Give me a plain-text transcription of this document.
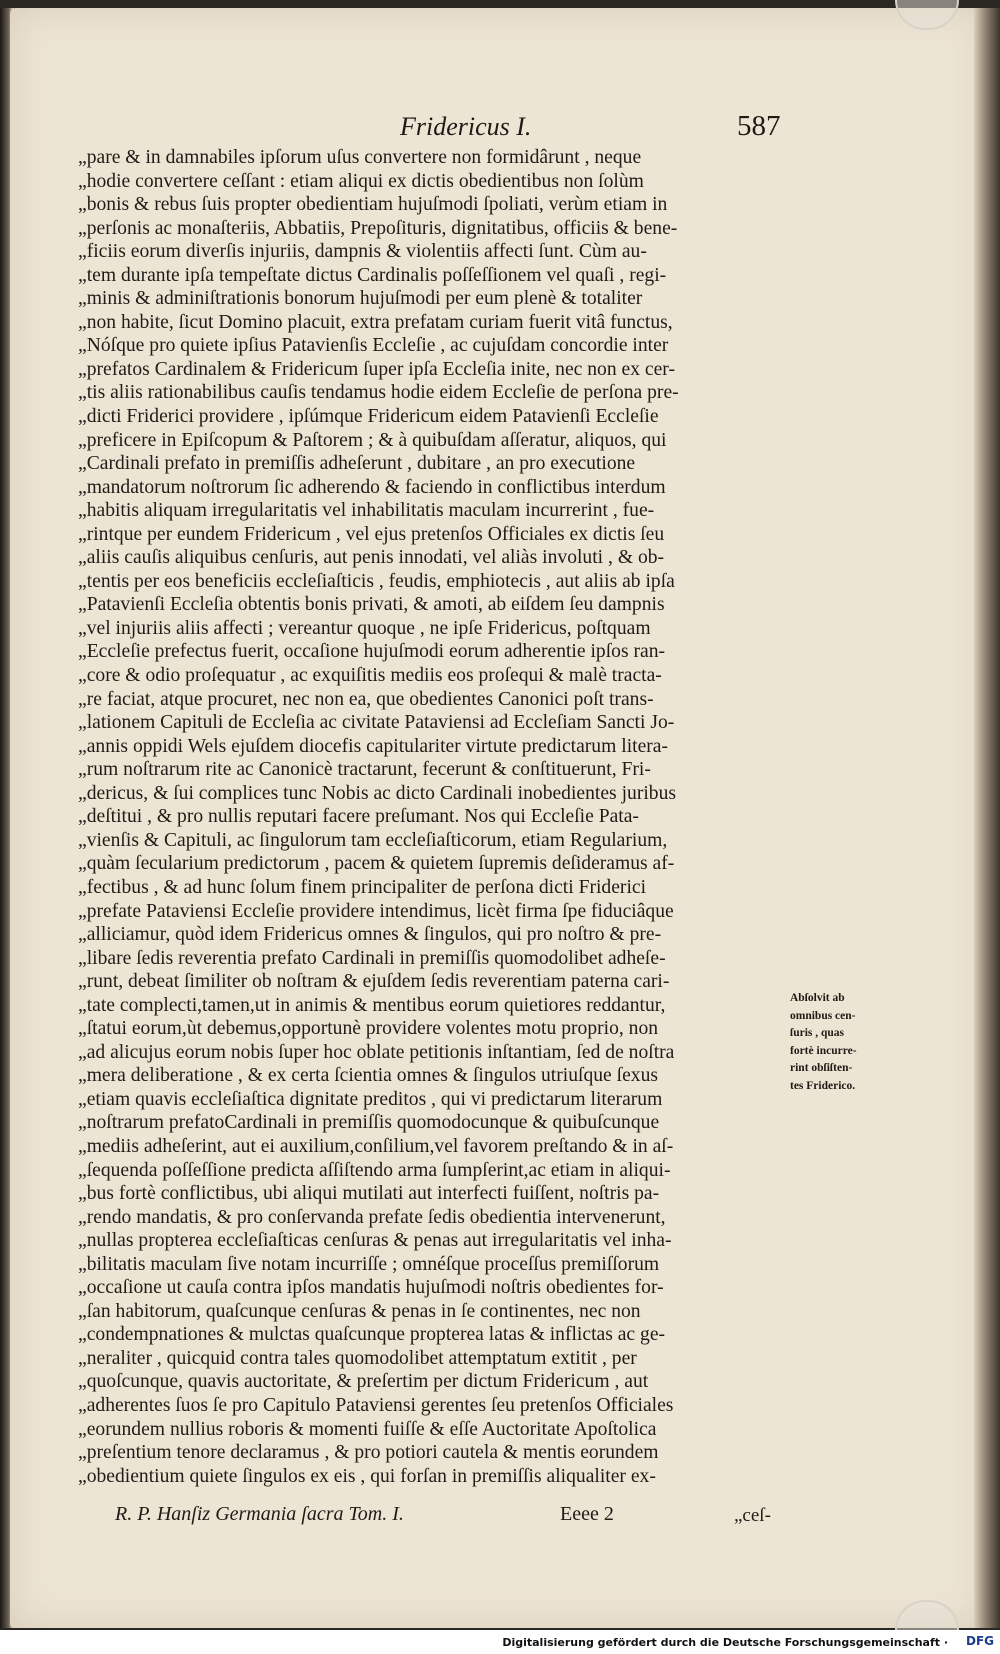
Fridericus I.	587
„pare & in damnabiles ipſorum uſus convertere non formidârunt , neque
„hodie convertere ceſſant : etiam aliqui ex dictis obedientibus non ſolùm
„bonis & rebus ſuis propter obedientiam hujuſmodi ſpoliati, verùm etiam in
„perſonis ac monaſteriis, Abbatiis, Prepoſituris, dignitatibus, officiis & bene-
„ficiis eorum diverſis injuriis, dampnis & violentiis affecti ſunt. Cùm au-
„tem durante ipſa tempeſtate dictus Cardinalis poſſeſſionem vel quaſi , regi-
„minis & adminiſtrationis bonorum hujuſmodi per eum plenè & totaliter
„non habite, ſicut Domino placuit, extra prefatam curiam fuerit vitâ functus,
„Nóſque pro quiete ipſius Patavienſis Eccleſie , ac cujuſdam concordie inter
„prefatos Cardinalem & Fridericum ſuper ipſa Eccleſia inite, nec non ex cer-
„tis aliis rationabilibus cauſis tendamus hodie eidem Eccleſie de perſona pre-
„dicti Friderici providere , ipſúmque Fridericum eidem Patavienſi Eccleſie
„preficere in Epiſcopum & Paſtorem ; & à quibuſdam aſſeratur, aliquos, qui
„Cardinali prefato in premiſſis adheſerunt , dubitare , an pro executione
„mandatorum noſtrorum ſic adherendo & faciendo in conflictibus interdum
„habitis aliquam irregularitatis vel inhabilitatis maculam incurrerint , fue-
„rintque per eundem Fridericum , vel ejus pretenſos Officiales ex dictis ſeu
„aliis cauſis aliquibus cenſuris, aut penis innodati, vel aliàs involuti , & ob-
„tentis per eos beneficiis eccleſiaſticis , feudis, emphiotecis , aut aliis ab ipſa
„Patavienſi Eccleſia obtentis bonis privati, & amoti, ab eiſdem ſeu dampnis
„vel injuriis aliis affecti ; vereantur quoque , ne ipſe Fridericus, poſtquam
„Eccleſie prefectus fuerit, occaſione hujuſmodi eorum adherentie ipſos ran-
„core & odio proſequatur , ac exquiſitis mediis eos proſequi & malè tracta-
„re faciat, atque procuret, nec non ea, que obedientes Canonici poſt trans-
„lationem Capituli de Eccleſia ac civitate Pataviensi ad Eccleſiam Sancti Jo-
„annis oppidi Wels ejuſdem diocefis capitulariter virtute predictarum litera-
„rum noſtrarum rite ac Canonicè tractarunt, fecerunt & conſtituerunt, Fri-
„dericus, & ſui complices tunc Nobis ac dicto Cardinali inobedientes juribus
„deſtitui , & pro nullis reputari facere preſumant. Nos qui Eccleſie Pata-
„vienſis & Capituli, ac ſingulorum tam eccleſiaſticorum, etiam Regularium,
„quàm ſecularium predictorum , pacem & quietem ſupremis deſideramus af-
„fectibus , & ad hunc ſolum finem principaliter de perſona dicti Friderici
„prefate Pataviensi Eccleſie providere intendimus, licèt firma ſpe fiduciâque
„alliciamur, quòd idem Fridericus omnes & ſingulos, qui pro noſtro & pre-
„libare ſedis reverentia prefato Cardinali in premiſſis quomodolibet adheſe-
„runt, debeat ſimiliter ob noſtram & ejuſdem ſedis reverentiam paterna cari-
„tate complecti,tamen,ut in animis & mentibus eorum quietiores reddantur,
„ſtatui eorum,ùt debemus,opportunè providere volentes motu proprio, non
„ad alicujus eorum nobis ſuper hoc oblate petitionis inſtantiam, ſed de noſtra
„mera deliberatione , & ex certa ſcientia omnes & ſingulos utriuſque ſexus
„etiam quavis eccleſiaſtica dignitate preditos , qui vi predictarum literarum
„noſtrarum prefatoCardinali in premiſſis quomodocunque & quibuſcunque
„mediis adheſerint, aut ei auxilium,conſilium,vel favorem preſtando & in aſ-
„ſequenda poſſeſſione predicta aſſiſtendo arma ſumpſerint,ac etiam in aliqui-
„bus fortè conflictibus, ubi aliqui mutilati aut interfecti fuiſſent, noſtris pa-
„rendo mandatis, & pro conſervanda prefate ſedis obedientia intervenerunt,
„nullas propterea eccleſiaſticas cenſuras & penas aut irregularitatis vel inha-
„bilitatis maculam ſive notam incurriſſe ; omnéſque proceſſus premiſſorum
„occaſione ut cauſa contra ipſos mandatis hujuſmodi noſtris obedientes for-
„ſan habitorum, quaſcunque cenſuras & penas in ſe continentes, nec non
„condempnationes & mulctas quaſcunque propterea latas & inflictas ac ge-
„neraliter , quicquid contra tales quomodolibet attemptatum extitit , per
„quoſcunque, quavis auctoritate, & preſertim per dictum Fridericum , aut
„adherentes ſuos ſe pro Capitulo Pataviensi gerentes ſeu pretenſos Officiales
„eorundem nullius roboris & momenti fuiſſe & eſſe Auctoritate Apoſtolica
„preſentium tenore declaramus , & pro potiori cautela & mentis eorundem
„obedientium quiete ſingulos ex eis , qui forſan in premiſſis aliqualiter ex-
Abſolvit ab
omnibus cen-
ſuris , quas
fortè incurre-
rint obſiſten-
tes Friderico.
R. P. Hanſiz Germania ſacra Tom. I.	Eeee 2	„ceſ-
Digitalisierung gefördert durch die Deutsche Forschungsgemeinschaft · DFG
